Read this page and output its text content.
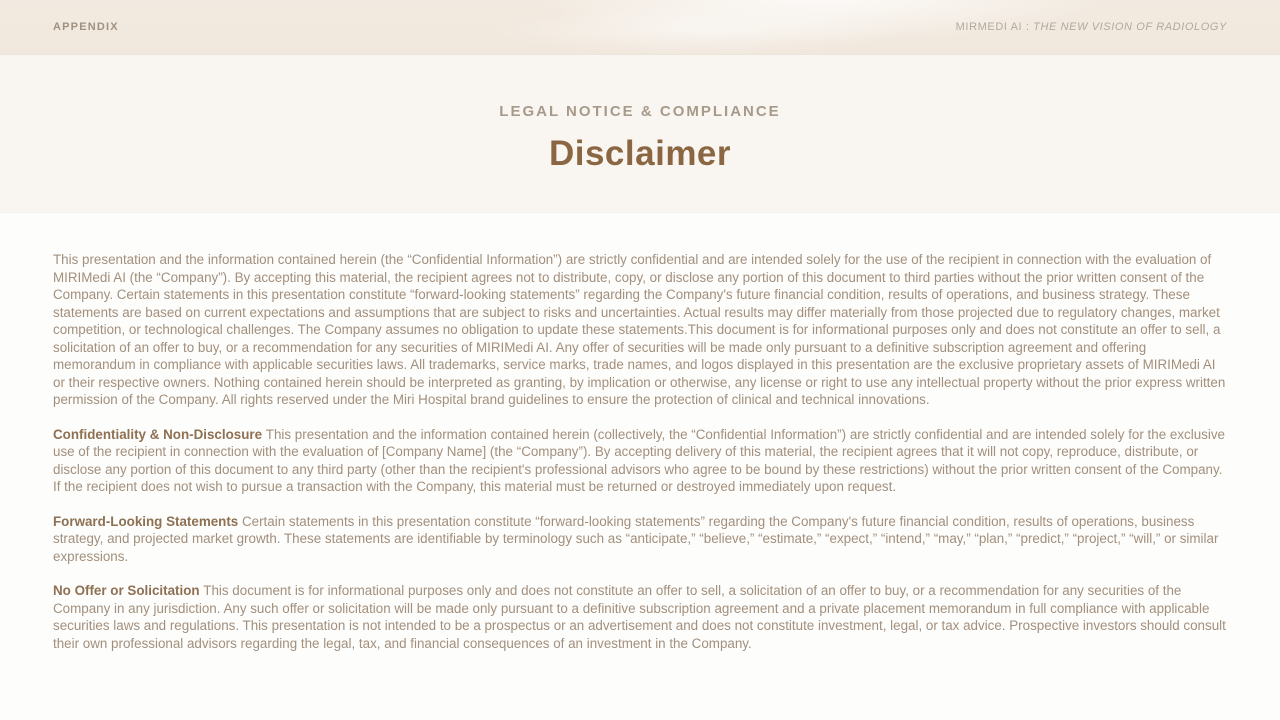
APPENDIX	MIRMEDI AI : THE NEW VISION OF RADIOLOGY
LEGAL NOTICE & COMPLIANCE
Disclaimer

This presentation and the information contained herein (the “Confidential Information”) are strictly confidential and are intended solely for the use of the recipient in connection with the evaluation of MIRIMedi AI (the “Company”). By accepting this material, the recipient agrees not to distribute, copy, or disclose any portion of this document to third parties without the prior written consent of the Company. Certain statements in this presentation constitute “forward-looking statements” regarding the Company's future financial condition, results of operations, and business strategy. These statements are based on current expectations and assumptions that are subject to risks and uncertainties. Actual results may differ materially from those projected due to regulatory changes, market competition, or technological challenges. The Company assumes no obligation to update these statements.This document is for informational purposes only and does not constitute an offer to sell, a solicitation of an offer to buy, or a recommendation for any securities of MIRIMedi AI. Any offer of securities will be made only pursuant to a definitive subscription agreement and offering memorandum in compliance with applicable securities laws. All trademarks, service marks, trade names, and logos displayed in this presentation are the exclusive proprietary assets of MIRIMedi AI or their respective owners. Nothing contained herein should be interpreted as granting, by implication or otherwise, any license or right to use any intellectual property without the prior express written permission of the Company. All rights reserved under the Miri Hospital brand guidelines to ensure the protection of clinical and technical innovations.

Confidentiality & Non-Disclosure This presentation and the information contained herein (collectively, the “Confidential Information”) are strictly confidential and are intended solely for the exclusive use of the recipient in connection with the evaluation of [Company Name] (the “Company”). By accepting delivery of this material, the recipient agrees that it will not copy, reproduce, distribute, or disclose any portion of this document to any third party (other than the recipient's professional advisors who agree to be bound by these restrictions) without the prior written consent of the Company. If the recipient does not wish to pursue a transaction with the Company, this material must be returned or destroyed immediately upon request.

Forward-Looking Statements Certain statements in this presentation constitute “forward-looking statements” regarding the Company's future financial condition, results of operations, business strategy, and projected market growth. These statements are identifiable by terminology such as “anticipate,” “believe,” “estimate,” “expect,” “intend,” “may,” “plan,” “predict,” “project,” “will,” or similar expressions.

No Offer or Solicitation This document is for informational purposes only and does not constitute an offer to sell, a solicitation of an offer to buy, or a recommendation for any securities of the Company in any jurisdiction. Any such offer or solicitation will be made only pursuant to a definitive subscription agreement and a private placement memorandum in full compliance with applicable securities laws and regulations. This presentation is not intended to be a prospectus or an advertisement and does not constitute investment, legal, or tax advice. Prospective investors should consult their own professional advisors regarding the legal, tax, and financial consequences of an investment in the Company.
